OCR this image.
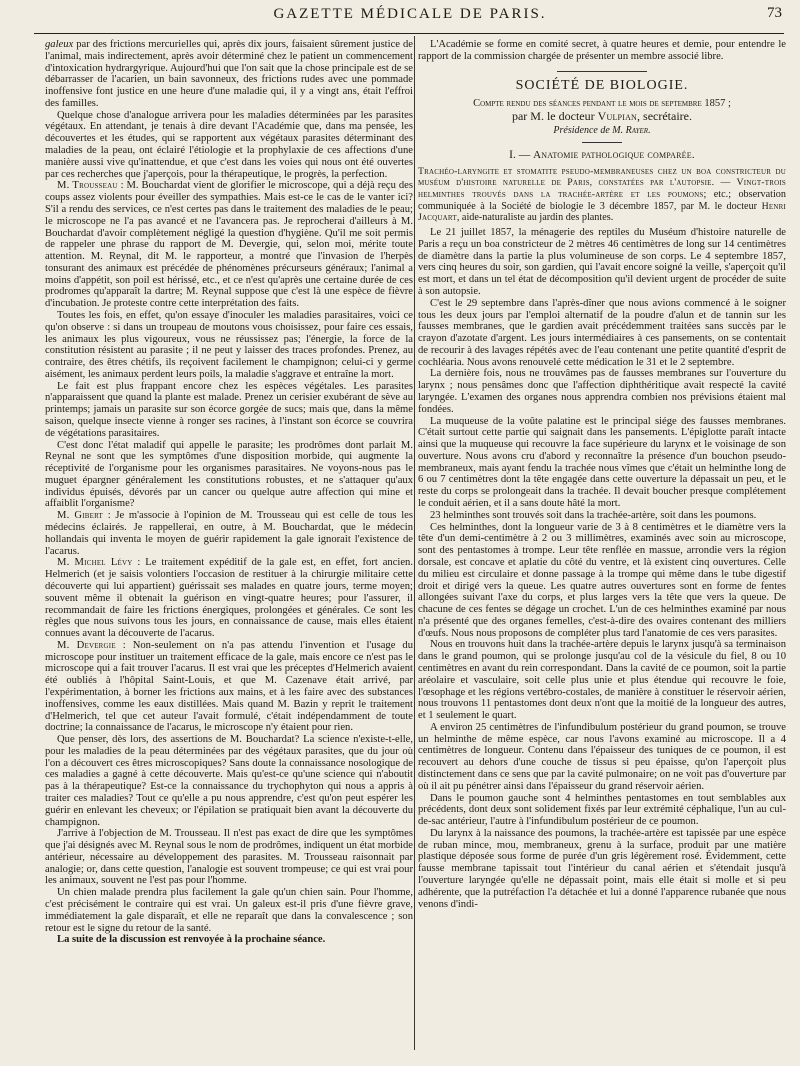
GAZETTE MÉDICALE DE PARIS.	73

galeux par des frictions mercurielles qui, après dix jours, faisaient sûrement justice de l'animal, mais indirectement, après avoir déterminé chez le patient un commencement d'intoxication hydrargyrique. Aujourd'hui que l'on sait que la chose principale est de se débarrasser de l'acarien, un bain savonneux, des frictions rudes avec une pommade inoffensive font justice en une heure d'une maladie qui, il y a vingt ans, était l'effroi des familles.

Quelque chose d'analogue arrivera pour les maladies déterminées par les parasites végétaux. En attendant, je tenais à dire devant l'Académie que, dans ma pensée, les découvertes et les études, qui se rapportent aux végétaux parasites déterminant des maladies de la peau, ont éclairé l'étiologie et la prophylaxie de ces affections d'une manière aussi vive qu'inattendue, et que c'est dans les voies qui nous ont été ouvertes par ces recherches que j'aperçois, pour la thérapeutique, le progrès, la perfection.

M. Trousseau : M. Bouchardat vient de glorifier le microscope, qui a déjà reçu des coups assez violents pour éveiller des sympathies. Mais est-ce le cas de le vanter ici? S'il a rendu des services, ce n'est certes pas dans le traitement des maladies de le peau; le microscope ne l'a pas avancé et ne l'avancera pas. Je reprocherai d'ailleurs à M. Bouchardat d'avoir complètement négligé la question d'hygiène. Qu'il me soit permis de rappeler une phrase du rapport de M. Devergie, qui, selon moi, mérite toute attention. M. Reynal, dit M. le rapporteur, a montré que l'invasion de l'herpès tonsurant des animaux est précédée de phénomènes précurseurs généraux; l'animal a moins d'appétit, son poil est hérissé, etc., et ce n'est qu'après une certaine durée de ces prodromes qu'apparaît la dartre; M. Reynal suppose que c'est là une espèce de fièvre d'incubation. Je proteste contre cette interprétation des faits.

Toutes les fois, en effet, qu'on essaye d'inoculer les maladies parasitaires, voici ce qu'on observe : si dans un troupeau de moutons vous choisissez, pour faire ces essais, les animaux les plus vigoureux, vous ne réussissez pas; l'énergie, la force de la constitution résistent au parasite ; il ne peut y laisser des traces profondes. Prenez, au contraire, des êtres chétifs, ils reçoivent facilement le champignon; celui-ci y germe aisément, les animaux perdent leurs poils, la maladie s'aggrave et entraîne la mort.

Le fait est plus frappant encore chez les espèces végétales. Les parasites n'apparaissent que quand la plante est malade. Prenez un cerisier exubérant de sève au printemps; jamais un parasite sur son écorce gorgée de sucs; mais que, dans la même saison, quelque insecte vienne à ronger ses racines, à l'instant son écorce se couvrira de végétations parasitaires.

C'est donc l'état maladif qui appelle le parasite; les prodrômes dont parlait M. Reynal ne sont que les symptômes d'une disposition morbide, qui augmente la réceptivité de l'organisme pour les organismes parasitaires. Ne voyons-nous pas le muguet épargner généralement les constitutions robustes, et ne s'attaquer qu'aux individus épuisés, dévorés par un cancer ou quelque autre affection qui mine et affaiblit l'organisme?

M. Gibert : Je m'associe à l'opinion de M. Trousseau qui est celle de tous les médecins éclairés. Je rappellerai, en outre, à M. Bouchardat, que le médecin hollandais qui inventa le moyen de guérir rapidement la gale ignorait l'existence de l'acarus.

M. Michel Lévy : Le traitement expéditif de la gale est, en effet, fort ancien. Helmerich (et je saisis volontiers l'occasion de restituer à la chirurgie militaire cette découverte qui lui appartient) guérissait ses malades en quatre jours, terme moyen; souvent même il obtenait la guérison en vingt-quatre heures; pour l'assurer, il recommandait de faire les frictions énergiques, prolongées et générales. Ce sont les règles que nous suivons tous les jours, en connaissance de cause, mais elles étaient connues avant la découverte de l'acarus.

M. Devergie : Non-seulement on n'a pas attendu l'invention et l'usage du microscope pour instituer un traitement efficace de la gale, mais encore ce n'est pas le microscope qui a fait trouver l'acarus. Il est vrai que les préceptes d'Helmerich avaient été oubliés à l'hôpital Saint-Louis, et que M. Cazenave était arrivé, par l'expérimentation, à borner les frictions aux mains, et à les faire avec des substances inoffensives, comme les eaux distillées. Mais quand M. Bazin y reprit le traitement d'Helmerich, tel que cet auteur l'avait formulé, c'était indépendamment de toute doctrine; la connaissance de l'acarus, le microscope n'y étaient pour rien.

Que penser, dès lors, des assertions de M. Bouchardat? La science n'existe-t-elle, pour les maladies de la peau déterminées par des végétaux parasites, que du jour où l'on a découvert ces êtres microscopiques? Sans doute la connaissance nosologique de ces maladies a gagné à cette découverte. Mais qu'est-ce qu'une science qui n'aboutit pas à la thérapeutique? Est-ce la connaissance du trychophyton qui nous a appris à traiter ces maladies? Tout ce qu'elle a pu nous apprendre, c'est qu'on peut espérer les guérir en enlevant les cheveux; or l'épilation se pratiquait bien avant la découverte du champignon.

J'arrive à l'objection de M. Trousseau. Il n'est pas exact de dire que les symptômes que j'ai désignés avec M. Reynal sous le nom de prodrômes, indiquent un état morbide antérieur, nécessaire au développement des parasites. M. Trousseau raisonnait par analogie; or, dans cette question, l'analogie est souvent trompeuse; ce qui est vrai pour les animaux, souvent ne l'est pas pour l'homme.

Un chien malade prendra plus facilement la gale qu'un chien sain. Pour l'homme, c'est précisément le contraire qui est vrai. Un galeux est-il pris d'une fièvre grave, immédiatement la gale disparaît, et elle ne reparaît que dans la convalescence ; son retour est le signe du retour de la santé.

La suite de la discussion est renvoyée à la prochaine séance.

L'Académie se forme en comité secret, à quatre heures et demie, pour entendre le rapport de la commission chargée de présenter un membre associé libre.

SOCIÉTÉ DE BIOLOGIE.
Compte rendu des séances pendant le mois de septembre 1857 ;
par M. le docteur Vulpian, secrétaire.
Présidence de M. Rayer.
I. — Anatomie pathologique comparée.

Trachéo-laryngite et stomatite pseudo-membraneuses chez un boa constricteur du muséum d'histoire naturelle de Paris, constatées par l'autopsie. — Vingt-trois helminthes trouvés dans la trachée-artère et les poumons; etc.; observation communiquée à la Société de biologie le 3 décembre 1857, par M. le docteur Henri Jacquart, aide-naturaliste au jardin des plantes.

Le 21 juillet 1857, la ménagerie des reptiles du Muséum d'histoire naturelle de Paris a reçu un boa constricteur de 2 mètres 46 centimètres de long sur 14 centimètres de diamètre dans la partie la plus volumineuse de son corps. Le 4 septembre 1857, vers cinq heures du soir, son gardien, qui l'avait encore soigné la veille, s'aperçoit qu'il est mort, et dans un tel état de décomposition qu'il devient urgent de procéder de suite à son autopsie.

C'est le 29 septembre dans l'après-dîner que nous avions commencé à le soigner tous les deux jours par l'emploi alternatif de la poudre d'alun et de tannin sur les fausses membranes, que le gardien avait précédemment traitées sans succès par le crayon d'azotate d'argent. Les jours intermédiaires à ces pansements, on se contentait de recourir à des lavages répétés avec de l'eau contenant une petite quantité d'esprit de cochléaria. Nous avons renouvelé cette médication le 31 et le 2 septembre.

La dernière fois, nous ne trouvâmes pas de fausses membranes sur l'ouverture du larynx ; nous pensâmes donc que l'affection diphthéritique avait respecté la cavité laryngée. L'examen des organes nous apprendra combien nos prévisions étaient mal fondées.

La muqueuse de la voûte palatine est le principal siége des fausses membranes. C'était surtout cette partie qui saignait dans les pansements. L'épiglotte paraît intacte ainsi que la muqueuse qui recouvre la face supérieure du larynx et le voisinage de son ouverture. Nous avons cru d'abord y reconnaître la présence d'un bouchon pseudo-membraneux, mais ayant fendu la trachée nous vîmes que c'était un helminthe long de 6 ou 7 centimètres dont la tête engagée dans cette ouverture la dépassait un peu, et le reste du corps se prolongeait dans la trachée. Il devait boucher presque complétement le conduit aérien, et il a sans doute hâté la mort.

23 helminthes sont trouvés soit dans la trachée-artère, soit dans les poumons.

Ces helminthes, dont la longueur varie de 3 à 8 centimètres et le diamètre vers la tête d'un demi-centimètre à 2 ou 3 millimètres, examinés avec soin au microscope, sont des pentastomes à trompe. Leur tête renflée en massue, arrondie vers la région dorsale, est concave et aplatie du côté du ventre, et là existent cinq ouvertures. Celle du milieu est circulaire et donne passage à la trompe qui même dans le tube digestif droit et dirigé vers la queue. Les quatre autres ouvertures sont en forme de fentes allongées suivant l'axe du corps, et plus larges vers la tête que vers la queue. De chacune de ces fentes se dégage un crochet. L'un de ces helminthes examiné par nous n'a présenté que des organes femelles, c'est-à-dire des ovaires contenant des milliers d'œufs. Nous nous proposons de compléter plus tard l'anatomie de ces vers parasites.

Nous en trouvons huit dans la trachée-artère depuis le larynx jusqu'à sa terminaison dans le grand poumon, qui se prolonge jusqu'au col de la vésicule du fiel, 8 ou 10 centimètres en avant du rein correspondant. Dans la cavité de ce poumon, soit la partie aréolaire et vasculaire, soit celle plus unie et plus étendue qui recouvre le foie, l'œsophage et les régions vertébro-costales, de manière à constituer le réservoir aérien, nous trouvons 11 pentastomes dont deux n'ont que la moitié de la longueur des autres, et 1 seulement le quart.

A environ 25 centimètres de l'infundibulum postérieur du grand poumon, se trouve un helminthe de même espèce, car nous l'avons examiné au microscope. Il a 4 centimètres de longueur. Contenu dans l'épaisseur des tuniques de ce poumon, il est recouvert au dehors d'une couche de tissus si peu épaisse, qu'on l'aperçoit plus distinctement dans ce sens que par la cavité pulmonaire; on ne voit pas d'ouverture par où il ait pu pénétrer ainsi dans l'épaisseur du grand réservoir aérien.

Dans le poumon gauche sont 4 helminthes pentastomes en tout semblables aux précédents, dont deux sont solidement fixés par leur extrémité céphalique, l'un au cul-de-sac antérieur, l'autre à l'infundibulum postérieur de ce poumon.

Du larynx à la naissance des poumons, la trachée-artère est tapissée par une espèce de ruban mince, mou, membraneux, grenu à la surface, produit par une matière plastique déposée sous forme de purée d'un gris légèrement rosé. Évidemment, cette fausse membrane tapissait tout l'intérieur du canal aérien et s'étendait jusqu'à l'ouverture laryngée qu'elle ne dépassait point, mais elle était si molle et si peu adhérente, que la putréfaction l'a détachée et lui a donné l'apparence rubanée que nous venons d'indi-
